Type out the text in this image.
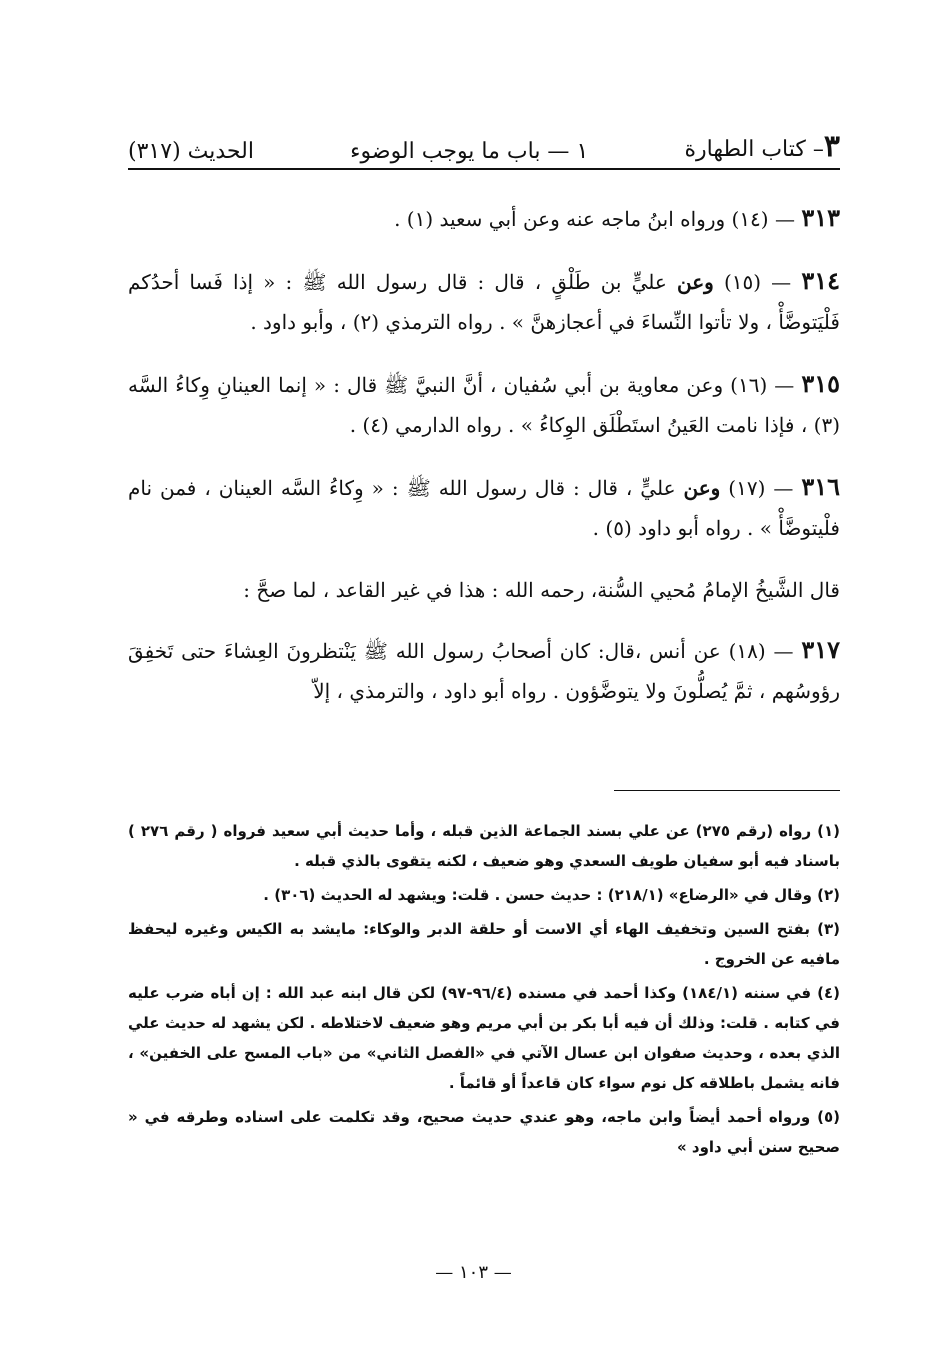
٣– كتاب الطهارة
١ — باب ما يوجب الوضوء
الحديث (٣١٧)

٣١٣ — (١٤) ورواه ابنُ ماجه عنه وعن أبي سعيد (١) .

٣١٤ — (١٥) وعن عليٍّ بن طَلْقٍ ، قال : قال رسول الله ﷺ : « إذا فَسا أحدُكم فَلْيَتوضَّأْ ، ولا تأتوا النِّساءَ في أعجازهنَّ » . رواه الترمذي (٢) ، وأبو داود .

٣١٥ — (١٦) وعن معاوية بن أبي سُفيان ، أنَّ النبيَّ ﷺ قال : « إنما العينانِ وِكاءُ السَّه (٣) ، فإذا نامت العَينُ استَطْلَق الوِكاءُ » . رواه الدارمي (٤) .

٣١٦ — (١٧) وعن عليٍّ ، قال : قال رسول الله ﷺ : « وِكاءُ السَّه العينان ، فمن نام فلْيتوضَّأْ » . رواه أبو داود (٥) .

قال الشَّيخُ الإمامُ مُحيي السُّنة، رحمه الله : هذا في غير القاعد ، لما صحَّ :

٣١٧ — (١٨) عن أنس ،قال: كان أصحابُ رسول الله ﷺ يَنْتظرونَ العِشاءَ حتى تَخفِقَ رؤوسُهم ، ثمَّ يُصلُّونَ ولا يتوضَّؤون . رواه أبو داود ، والترمذي ، إلاّ

(١) رواه (رقم ٢٧٥) عن علي بسند الجماعة الذين قبله ، وأما حديث أبي سعيد فرواه ( رقم ٢٧٦ ) باسناد فيه أبو سفيان طويف السعدي وهو ضعيف ، لكنه يتقوى بالذي قبله .
(٢) وقال في «الرضاع» (٢١٨/١) : حديث حسن . قلت: ويشهد له الحديث (٣٠٦) .
(٣) بفتح السين وتخفيف الهاء أي الاست أو حلقة الدبر والوكاء: مايشد به الكيس وغيره ليحفظ مافيه عن الخروج .
(٤) في سننه (١٨٤/١) وكذا أحمد في مسنده (٩٦/٤-٩٧) لكن قال ابنه عبد الله : إن أباه ضرب عليه في كتابه . قلت: وذلك أن فيه أبا بكر بن أبي مريم وهو ضعيف لاختلاطه . لكن يشهد له حديث علي الذي بعده ، وحديث صفوان ابن عسال الآتي في «الفصل الثاني» من «باب المسح على الخفين» ، فانه يشمل باطلاقه كل نوم سواء كان قاعداً أو قائماً .
(٥) ورواه أحمد أيضاً وابن ماجه، وهو عندي حديث صحيح، وقد تكلمت على اسناده وطرقه في « صحيح سنن أبي داود »
— ١٠٣ —
